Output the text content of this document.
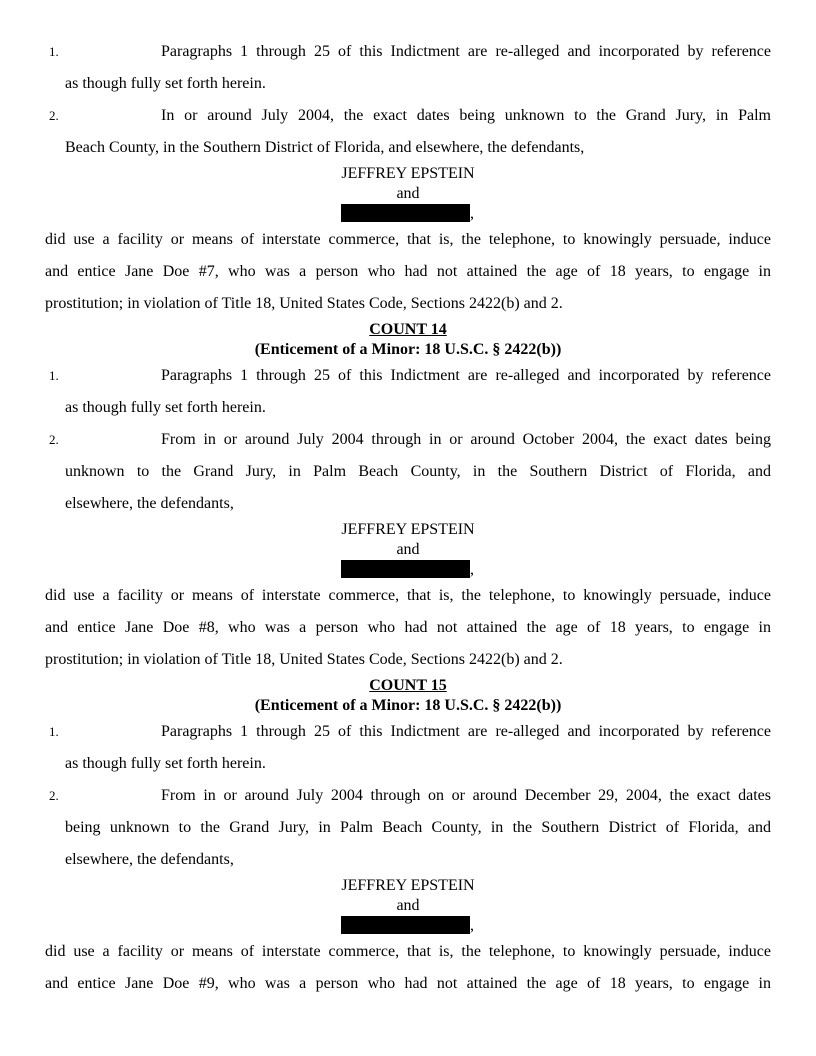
1.	Paragraphs 1 through 25 of this Indictment are re-alleged and incorporated by reference
as though fully set forth herein.
2.	In or around July 2004, the exact dates being unknown to the Grand Jury, in Palm
Beach County, in the Southern District of Florida, and elsewhere, the defendants,
JEFFREY EPSTEIN
and
,
did use a facility or means of interstate commerce, that is, the telephone, to knowingly persuade, induce
and entice Jane Doe #7, who was a person who had not attained the age of 18 years, to engage in
prostitution; in violation of Title 18, United States Code, Sections 2422(b) and 2.
COUNT 14
(Enticement of a Minor: 18 U.S.C. § 2422(b))
1.	Paragraphs 1 through 25 of this Indictment are re-alleged and incorporated by reference
as though fully set forth herein.
2.	From in or around July 2004 through in or around October 2004, the exact dates being
unknown to the Grand Jury, in Palm Beach County, in the Southern District of Florida, and
elsewhere, the defendants,
JEFFREY EPSTEIN
and
,
did use a facility or means of interstate commerce, that is, the telephone, to knowingly persuade, induce
and entice Jane Doe #8, who was a person who had not attained the age of 18 years, to engage in
prostitution; in violation of Title 18, United States Code, Sections 2422(b) and 2.
COUNT 15
(Enticement of a Minor: 18 U.S.C. § 2422(b))
1.	Paragraphs 1 through 25 of this Indictment are re-alleged and incorporated by reference
as though fully set forth herein.
2.	From in or around July 2004 through on or around December 29, 2004, the exact dates
being unknown to the Grand Jury, in Palm Beach County, in the Southern District of Florida, and
elsewhere, the defendants,
JEFFREY EPSTEIN
and
,
did use a facility or means of interstate commerce, that is, the telephone, to knowingly persuade, induce
and entice Jane Doe #9, who was a person who had not attained the age of 18 years, to engage in
